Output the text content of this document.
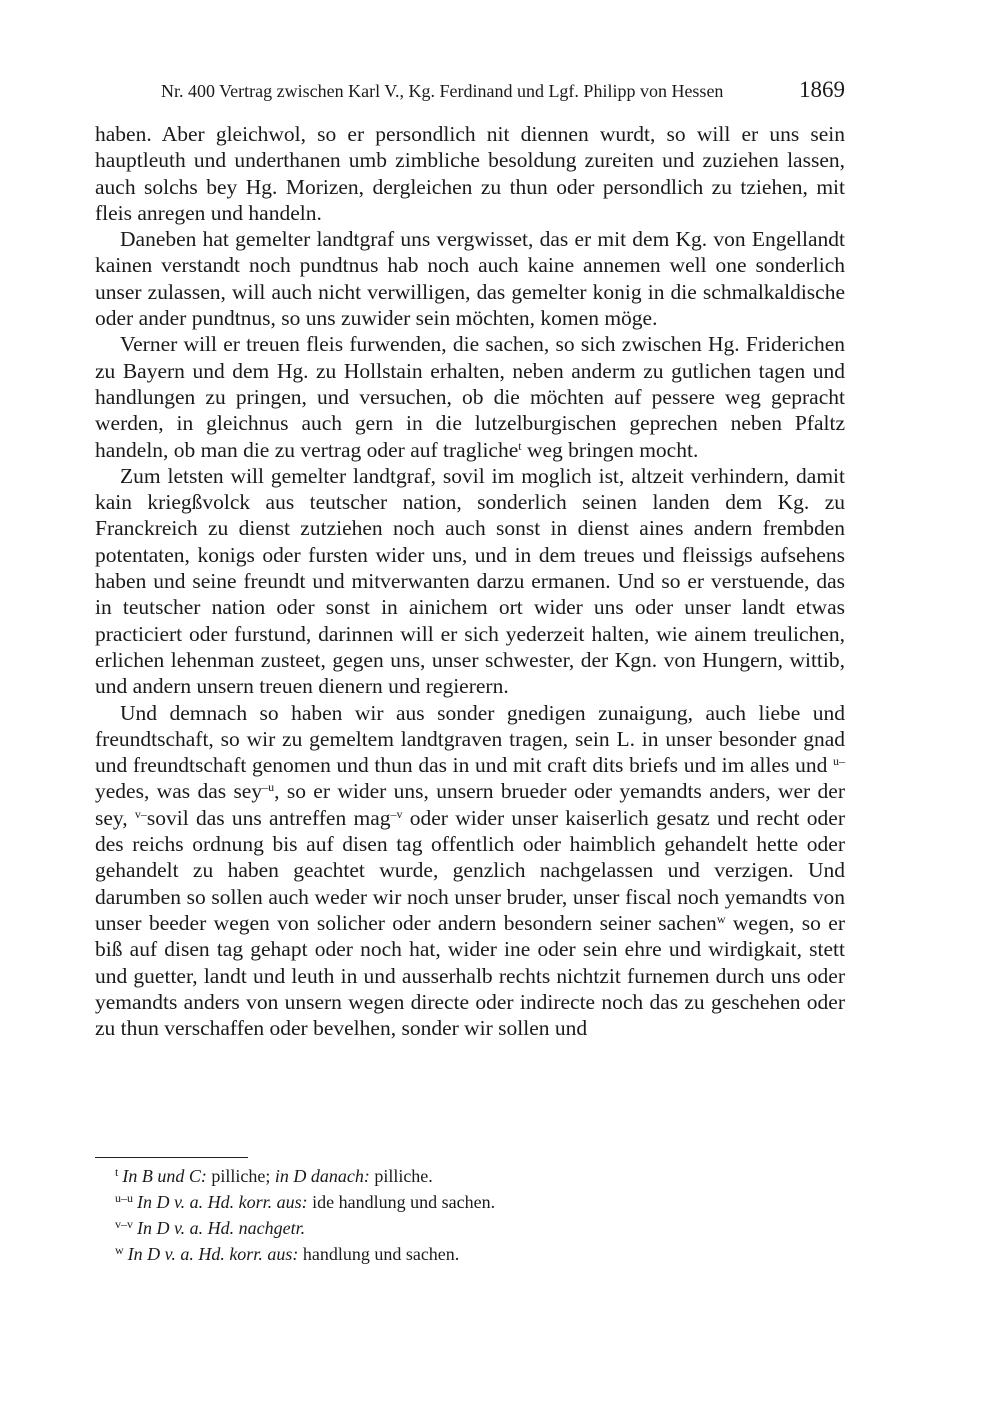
Nr. 400 Vertrag zwischen Karl V., Kg. Ferdinand und Lgf. Philipp von Hessen	1869

haben. Aber gleichwol, so er persondlich nit diennen wurdt, so will er uns sein hauptleuth und underthanen umb zimbliche besoldung zureiten und zuziehen lassen, auch solchs bey Hg. Morizen, dergleichen zu thun oder persondlich zu tziehen, mit fleis anregen und handeln.

Daneben hat gemelter landtgraf uns vergwisset, das er mit dem Kg. von Engellandt kainen verstandt noch pundtnus hab noch auch kaine annemen well one sonderlich unser zulassen, will auch nicht verwilligen, das gemelter konig in die schmalkaldische oder ander pundtnus, so uns zuwider sein möchten, komen möge.

Verner will er treuen fleis furwenden, die sachen, so sich zwischen Hg. Friderichen zu Bayern und dem Hg. zu Hollstain erhalten, neben anderm zu gutlichen tagen und handlungen zu pringen, und versuchen, ob die möchten auf pessere weg gepracht werden, in gleichnus auch gern in die lutzelburgischen geprechen neben Pfaltz handeln, ob man die zu vertrag oder auf tragliche$^t$ weg bringen mocht.

Zum letsten will gemelter landtgraf, sovil im moglich ist, altzeit verhindern, damit kain kriegßvolck aus teutscher nation, sonderlich seinen landen dem Kg. zu Franckreich zu dienst zutziehen noch auch sonst in dienst aines andern frembden potentaten, konigs oder fursten wider uns, und in dem treues und fleissigs aufsehens haben und seine freundt und mitverwanten darzu ermanen. Und so er verstuende, das in teutscher nation oder sonst in ainichem ort wider uns oder unser landt etwas practiciert oder furstund, darinnen will er sich yederzeit halten, wie ainem treulichen, erlichen lehenman zusteet, gegen uns, unser schwester, der Kgn. von Hungern, wittib, und andern unsern treuen dienern und regierern.

Und demnach so haben wir aus sonder gnedigen zunaigung, auch liebe und freundtschaft, so wir zu gemeltem landtgraven tragen, sein L. in unser besonder gnad und freundtschaft genomen und thun das in und mit craft dits briefs und im alles und $^{u-}$yedes, was das sey$^{-u}$, so er wider uns, unsern brueder oder yemandts anders, wer der sey, $^{v-}$sovil das uns antreffen mag$^{-v}$ oder wider unser kaiserlich gesatz und recht oder des reichs ordnung bis auf disen tag offentlich oder haimblich gehandelt hette oder gehandelt zu haben geachtet wurde, genzlich nachgelassen und verzigen. Und darumben so sollen auch weder wir noch unser bruder, unser fiscal noch yemandts von unser beeder wegen von solicher oder andern besondern seiner sachen$^w$ wegen, so er biß auf disen tag gehapt oder noch hat, wider ine oder sein ehre und wirdigkait, stett und guetter, landt und leuth in und ausserhalb rechts nichtzit furnemen durch uns oder yemandts anders von unsern wegen directe oder indirecte noch das zu geschehen oder zu thun verschaffen oder bevelhen, sonder wir sollen und

$^t$ In B und C: pilliche; in D danach: pilliche.
$^{u-u}$ In D v. a. Hd. korr. aus: ide handlung und sachen.
$^{v-v}$ In D v. a. Hd. nachgetr.
$^w$ In D v. a. Hd. korr. aus: handlung und sachen.
